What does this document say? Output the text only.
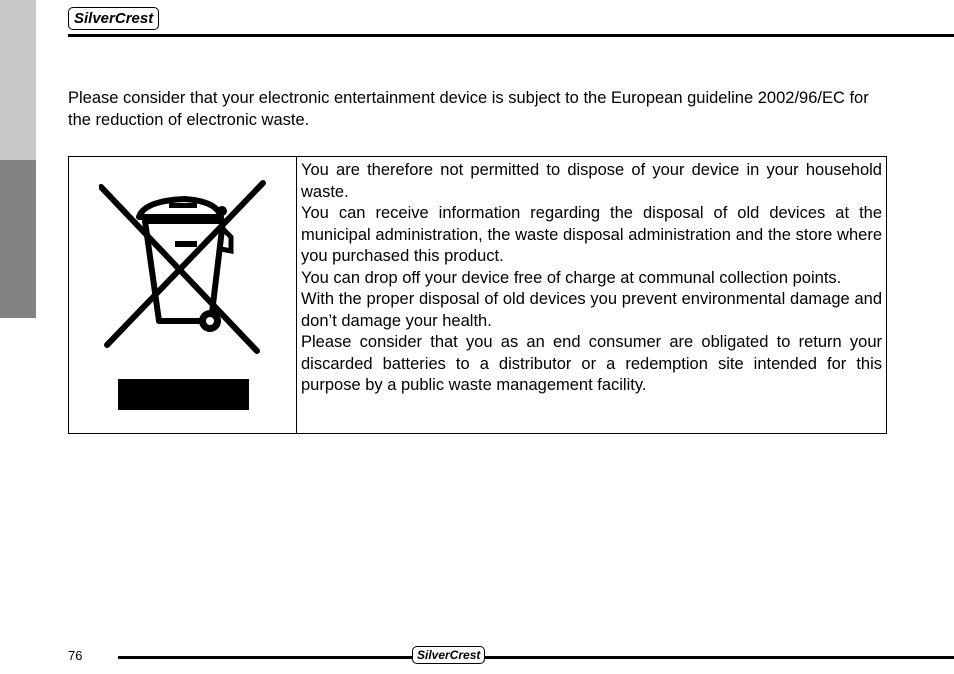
SilverCrest
Please consider that your electronic entertainment device is subject to the European guideline 2002/96/EC for the reduction of electronic waste.

You are therefore not permitted to dispose of your device in your household waste.

You can receive information regarding the disposal of old devices at the municipal administration, the waste disposal administration and the store where you purchased this product.

You can drop off your device free of charge at communal collection points.

With the proper disposal of old devices you prevent environmental damage and don’t damage your health.

Please consider that you as an end consumer are obligated to return your discarded batteries to a distributor or a redemption site intended for this purpose by a public waste management facility.

76	SilverCrest
